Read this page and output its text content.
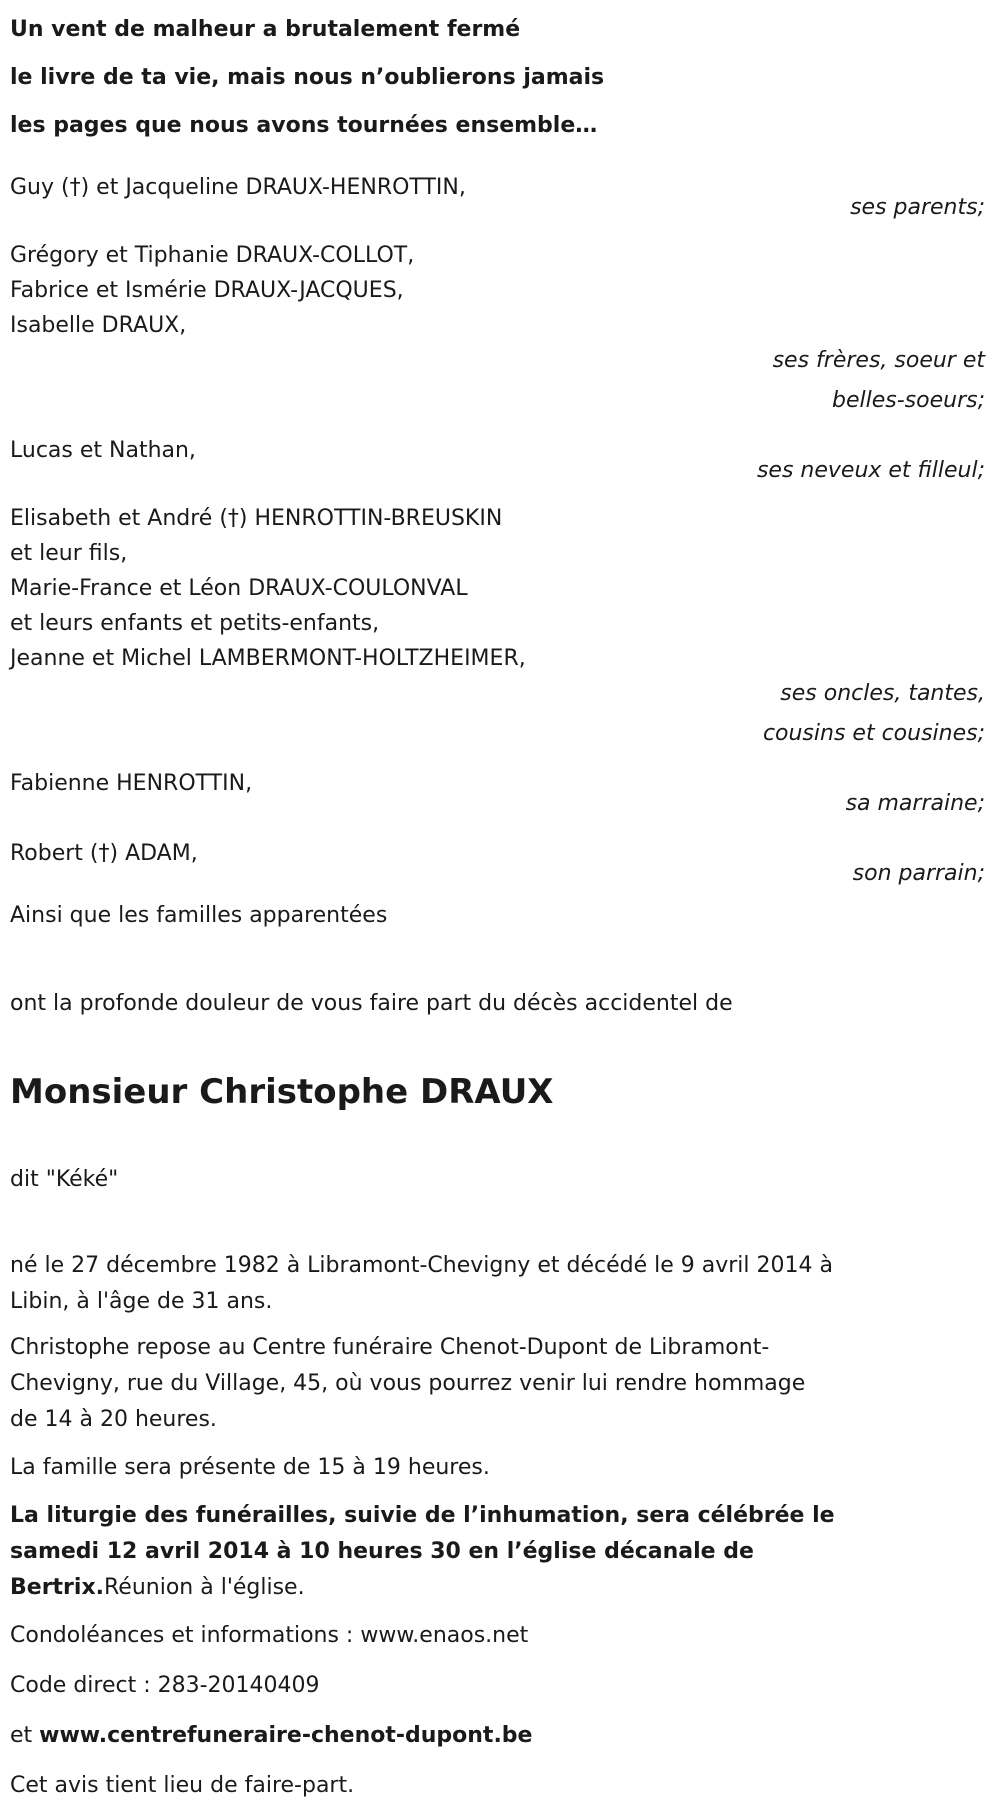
Un vent de malheur a brutalement fermé
le livre de ta vie, mais nous n’oublierons jamais
les pages que nous avons tournées ensemble…
Guy (†) et Jacqueline DRAUX-HENROTTIN,
ses parents;
Grégory et Tiphanie DRAUX-COLLOT,
Fabrice et Ismérie DRAUX-JACQUES,
Isabelle DRAUX,
ses frères, soeur et
belles-soeurs;
Lucas et Nathan,
ses neveux et filleul;
Elisabeth et André (†) HENROTTIN-BREUSKIN
et leur fils,
Marie-France et Léon DRAUX-COULONVAL
et leurs enfants et petits-enfants,
Jeanne et Michel LAMBERMONT-HOLTZHEIMER,
ses oncles, tantes,
cousins et cousines;
Fabienne HENROTTIN,
sa marraine;
Robert (†) ADAM,
son parrain;
Ainsi que les familles apparentées
ont la profonde douleur de vous faire part du décès accidentel de
Monsieur Christophe DRAUX
dit "Kéké"
né le 27 décembre 1982 à Libramont-Chevigny et décédé le 9 avril 2014 à
Libin, à l'âge de 31 ans.
Christophe repose au Centre funéraire Chenot-Dupont de Libramont-
Chevigny, rue du Village, 45, où vous pourrez venir lui rendre hommage
de 14 à 20 heures.
La famille sera présente de 15 à 19 heures.
La liturgie des funérailles, suivie de l’inhumation, sera célébrée le
samedi 12 avril 2014 à 10 heures 30 en l’église décanale de
Bertrix.Réunion à l'église.
Condoléances et informations : www.enaos.net
Code direct : 283-20140409
et www.centrefuneraire-chenot-dupont.be
Cet avis tient lieu de faire-part.
